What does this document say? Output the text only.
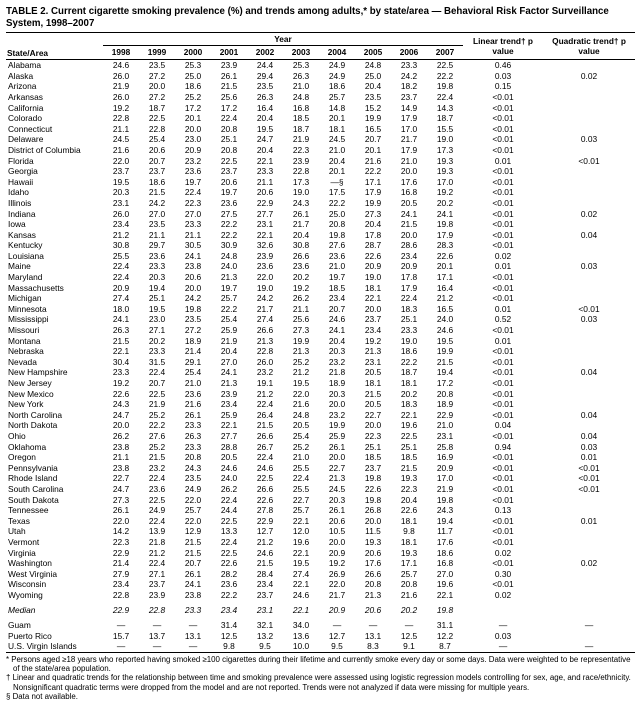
TABLE 2. Current cigarette smoking prevalence (%) and trends among adults,* by state/area — Behavioral Risk Factor Surveillance System, 1998–2007
State/Area	Year										Linear trend† p value	Quadratic trend† p value
	1998	1999	2000	2001	2002	2003	2004	2005	2006	2007		
Alabama	24.6	23.5	25.3	23.9	24.4	25.3	24.9	24.8	23.3	22.5	0.46	
Alaska	26.0	27.2	25.0	26.1	29.4	26.3	24.9	25.0	24.2	22.2	0.03	0.02
Arizona	21.9	20.0	18.6	21.5	23.5	21.0	18.6	20.4	18.2	19.8	0.15	
Arkansas	26.0	27.2	25.2	25.6	26.3	24.8	25.7	23.5	23.7	22.4	<0.01	
California	19.2	18.7	17.2	17.2	16.4	16.8	14.8	15.2	14.9	14.3	<0.01	
Colorado	22.8	22.5	20.1	22.4	20.4	18.5	20.1	19.9	17.9	18.7	<0.01	
Connecticut	21.1	22.8	20.0	20.8	19.5	18.7	18.1	16.5	17.0	15.5	<0.01	
Delaware	24.5	25.4	23.0	25.1	24.7	21.9	24.5	20.7	21.7	19.0	<0.01	0.03
District of Columbia	21.6	20.6	20.9	20.8	20.4	22.3	21.0	20.1	17.9	17.3	<0.01	
Florida	22.0	20.7	23.2	22.5	22.1	23.9	20.4	21.6	21.0	19.3	0.01	<0.01
Georgia	23.7	23.7	23.6	23.7	23.3	22.8	20.1	22.2	20.0	19.3	<0.01	
Hawaii	19.5	18.6	19.7	20.6	21.1	17.3	—§	17.1	17.6	17.0	<0.01	
Idaho	20.3	21.5	22.4	19.7	20.6	19.0	17.5	17.9	16.8	19.2	<0.01	
Illinois	23.1	24.2	22.3	23.6	22.9	24.3	22.2	19.9	20.5	20.2	<0.01	
Indiana	26.0	27.0	27.0	27.5	27.7	26.1	25.0	27.3	24.1	24.1	<0.01	0.02
Iowa	23.4	23.5	23.3	22.2	23.1	21.7	20.8	20.4	21.5	19.8	<0.01	
Kansas	21.2	21.1	21.1	22.2	22.1	20.4	19.8	17.8	20.0	17.9	<0.01	0.04
Kentucky	30.8	29.7	30.5	30.9	32.6	30.8	27.6	28.7	28.6	28.3	<0.01	
Louisiana	25.5	23.6	24.1	24.8	23.9	26.6	23.6	22.6	23.4	22.6	0.02	
Maine	22.4	23.3	23.8	24.0	23.6	23.6	21.0	20.9	20.9	20.1	0.01	0.03
Maryland	22.4	20.3	20.6	21.3	22.0	20.2	19.7	19.0	17.8	17.1	<0.01	
Massachusetts	20.9	19.4	20.0	19.7	19.0	19.2	18.5	18.1	17.9	16.4	<0.01	
Michigan	27.4	25.1	24.2	25.7	24.2	26.2	23.4	22.1	22.4	21.2	<0.01	
Minnesota	18.0	19.5	19.8	22.2	21.7	21.1	20.7	20.0	18.3	16.5	0.01	<0.01
Mississippi	24.1	23.0	23.5	25.4	27.4	25.6	24.6	23.7	25.1	24.0	0.52	0.03
Missouri	26.3	27.1	27.2	25.9	26.6	27.3	24.1	23.4	23.3	24.6	<0.01	
Montana	21.5	20.2	18.9	21.9	21.3	19.9	20.4	19.2	19.0	19.5	0.01	
Nebraska	22.1	23.3	21.4	20.4	22.8	21.3	20.3	21.3	18.6	19.9	<0.01	
Nevada	30.4	31.5	29.1	27.0	26.0	25.2	23.2	23.1	22.2	21.5	<0.01	
New Hampshire	23.3	22.4	25.4	24.1	23.2	21.2	21.8	20.5	18.7	19.4	<0.01	0.04
New Jersey	19.2	20.7	21.0	21.3	19.1	19.5	18.9	18.1	18.1	17.2	<0.01	
New Mexico	22.6	22.5	23.6	23.9	21.2	22.0	20.3	21.5	20.2	20.8	<0.01	
New York	24.3	21.9	21.6	23.4	22.4	21.6	20.0	20.5	18.3	18.9	<0.01	
North Carolina	24.7	25.2	26.1	25.9	26.4	24.8	23.2	22.7	22.1	22.9	<0.01	0.04
North Dakota	20.0	22.2	23.3	22.1	21.5	20.5	19.9	20.0	19.6	21.0	0.04	
Ohio	26.2	27.6	26.3	27.7	26.6	25.4	25.9	22.3	22.5	23.1	<0.01	0.04
Oklahoma	23.8	25.2	23.3	28.8	26.7	25.2	26.1	25.1	25.1	25.8	0.94	0.03
Oregon	21.1	21.5	20.8	20.5	22.4	21.0	20.0	18.5	18.5	16.9	<0.01	0.01
Pennsylvania	23.8	23.2	24.3	24.6	24.6	25.5	22.7	23.7	21.5	20.9	<0.01	<0.01
Rhode Island	22.7	22.4	23.5	24.0	22.5	22.4	21.3	19.8	19.3	17.0	<0.01	<0.01
South Carolina	24.7	23.6	24.9	26.2	26.6	25.5	24.5	22.6	22.3	21.9	<0.01	<0.01
South Dakota	27.3	22.5	22.0	22.4	22.6	22.7	20.3	19.8	20.4	19.8	<0.01	
Tennessee	26.1	24.9	25.7	24.4	27.8	25.7	26.1	26.8	22.6	24.3	0.13	
Texas	22.0	22.4	22.0	22.5	22.9	22.1	20.6	20.0	18.1	19.4	<0.01	0.01
Utah	14.2	13.9	12.9	13.3	12.7	12.0	10.5	11.5	9.8	11.7	<0.01	
Vermont	22.3	21.8	21.5	22.4	21.2	19.6	20.0	19.3	18.1	17.6	<0.01	
Virginia	22.9	21.2	21.5	22.5	24.6	22.1	20.9	20.6	19.3	18.6	0.02	
Washington	21.4	22.4	20.7	22.6	21.5	19.5	19.2	17.6	17.1	16.8	<0.01	0.02
West Virginia	27.9	27.1	26.1	28.2	28.4	27.4	26.9	26.6	25.7	27.0	0.30	
Wisconsin	23.4	23.7	24.1	23.6	23.4	22.1	22.0	20.8	20.8	19.6	<0.01	
Wyoming	22.8	23.9	23.8	22.2	23.7	24.6	21.7	21.3	21.6	22.1	0.02	
Median	22.9	22.8	23.3	23.4	23.1	22.1	20.9	20.6	20.2	19.8		
Guam	—	—	—	31.4	32.1	34.0	—	—	—	31.1	—	—
Puerto Rico	15.7	13.7	13.1	12.5	13.2	13.6	12.7	13.1	12.5	12.2	0.03	
U.S. Virgin Islands	—	—	—	9.8	9.5	10.0	9.5	8.3	9.1	8.7	—	—
* Persons aged ≥18 years who reported having smoked ≥100 cigarettes during their lifetime and currently smoke every day or some days. Data were weighted to be representative of the state/area population.
† Linear and quadratic trends for the relationship between time and smoking prevalence were assessed using logistic regression models controlling for sex, age, and race/ethnicity. Nonsignificant quadratic terms were dropped from the model and are not reported. Trends were not analyzed if data were missing for multiple years.
§ Data not available.
